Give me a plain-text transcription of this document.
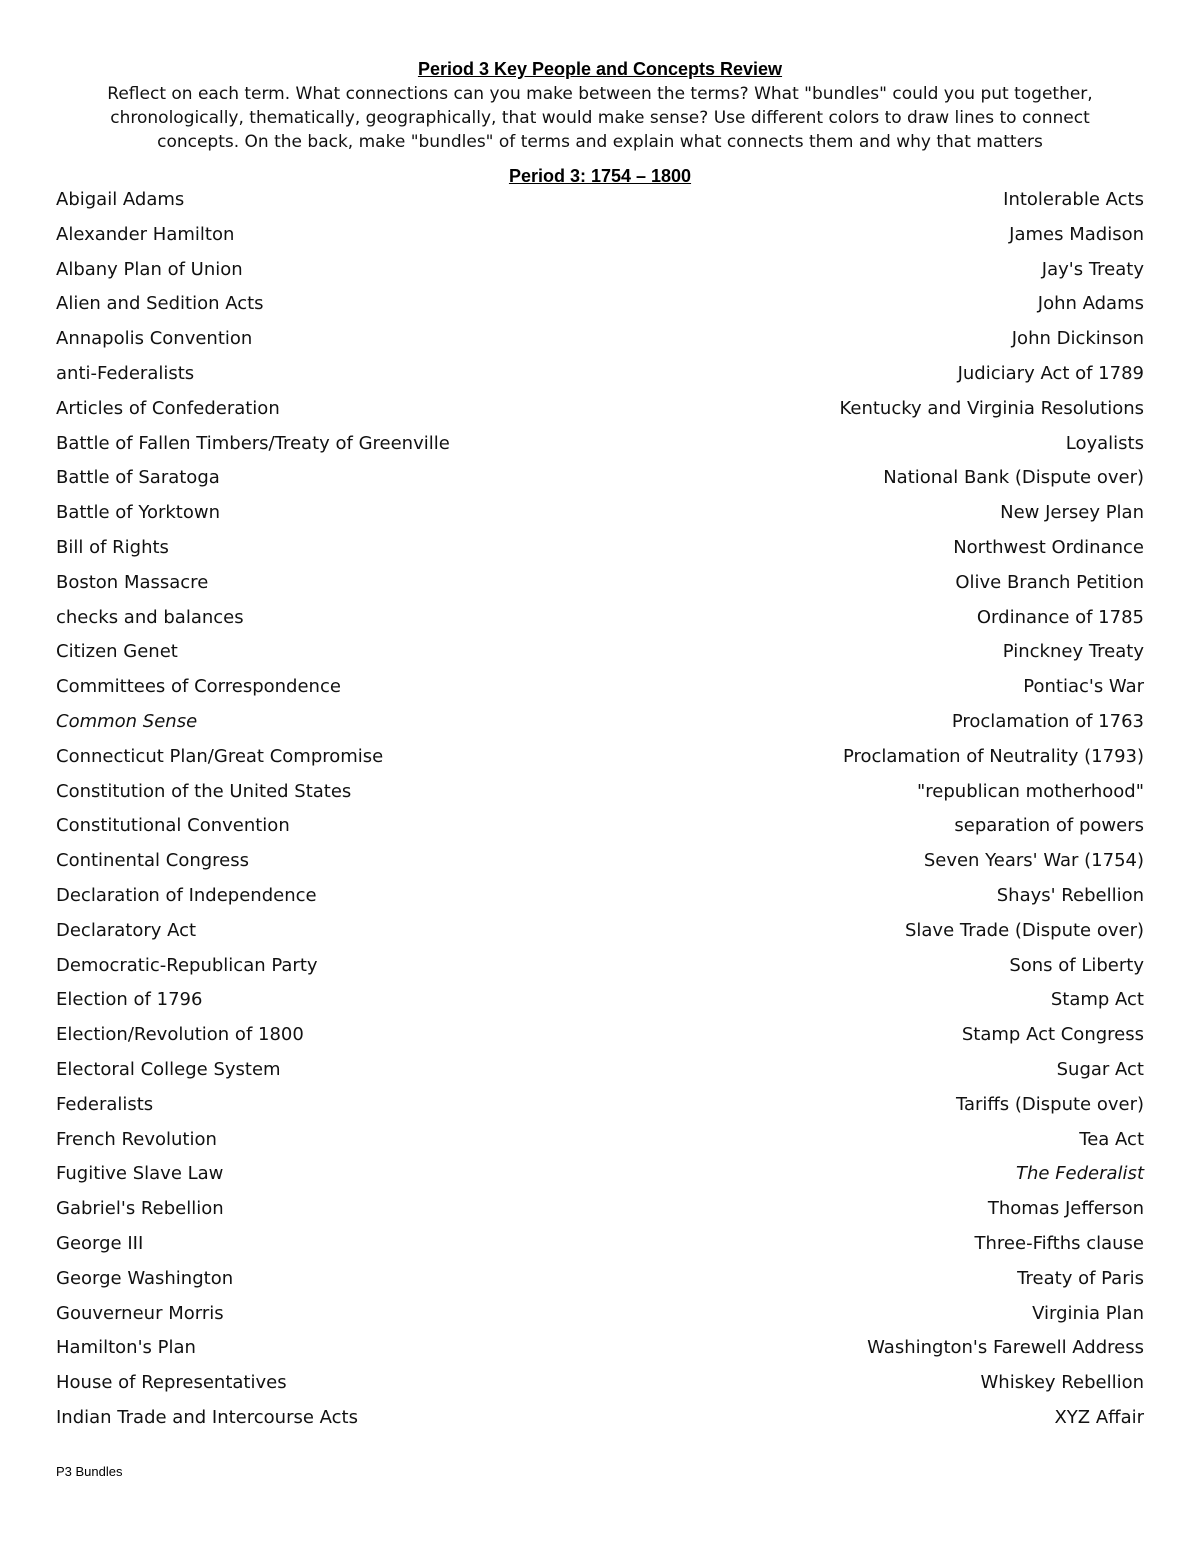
Period 3 Key People and Concepts Review
Reflect on each term. What connections can you make between the terms? What "bundles" could you put together,
chronologically, thematically, geographically, that would make sense? Use different colors to draw lines to connect
concepts. On the back, make "bundles" of terms and explain what connects them and why that matters
Period 3: 1754 – 1800
Abigail Adams
Alexander Hamilton
Albany Plan of Union
Alien and Sedition Acts
Annapolis Convention
anti-Federalists
Articles of Confederation
Battle of Fallen Timbers/Treaty of Greenville
Battle of Saratoga
Battle of Yorktown
Bill of Rights
Boston Massacre
checks and balances
Citizen Genet
Committees of Correspondence
Common Sense
Connecticut Plan/Great Compromise
Constitution of the United States
Constitutional Convention
Continental Congress
Declaration of Independence
Declaratory Act
Democratic-Republican Party
Election of 1796
Election/Revolution of 1800
Electoral College System
Federalists
French Revolution
Fugitive Slave Law
Gabriel's Rebellion
George III
George Washington
Gouverneur Morris
Hamilton's Plan
House of Representatives
Indian Trade and Intercourse Acts
Intolerable Acts
James Madison
Jay's Treaty
John Adams
John Dickinson
Judiciary Act of 1789
Kentucky and Virginia Resolutions
Loyalists
National Bank (Dispute over)
New Jersey Plan
Northwest Ordinance
Olive Branch Petition
Ordinance of 1785
Pinckney Treaty
Pontiac's War
Proclamation of 1763
Proclamation of Neutrality (1793)
"republican motherhood"
separation of powers
Seven Years' War (1754)
Shays' Rebellion
Slave Trade (Dispute over)
Sons of Liberty
Stamp Act
Stamp Act Congress
Sugar Act
Tariffs (Dispute over)
Tea Act
The Federalist
Thomas Jefferson
Three-Fifths clause
Treaty of Paris
Virginia Plan
Washington's Farewell Address
Whiskey Rebellion
XYZ Affair
P3 Bundles
